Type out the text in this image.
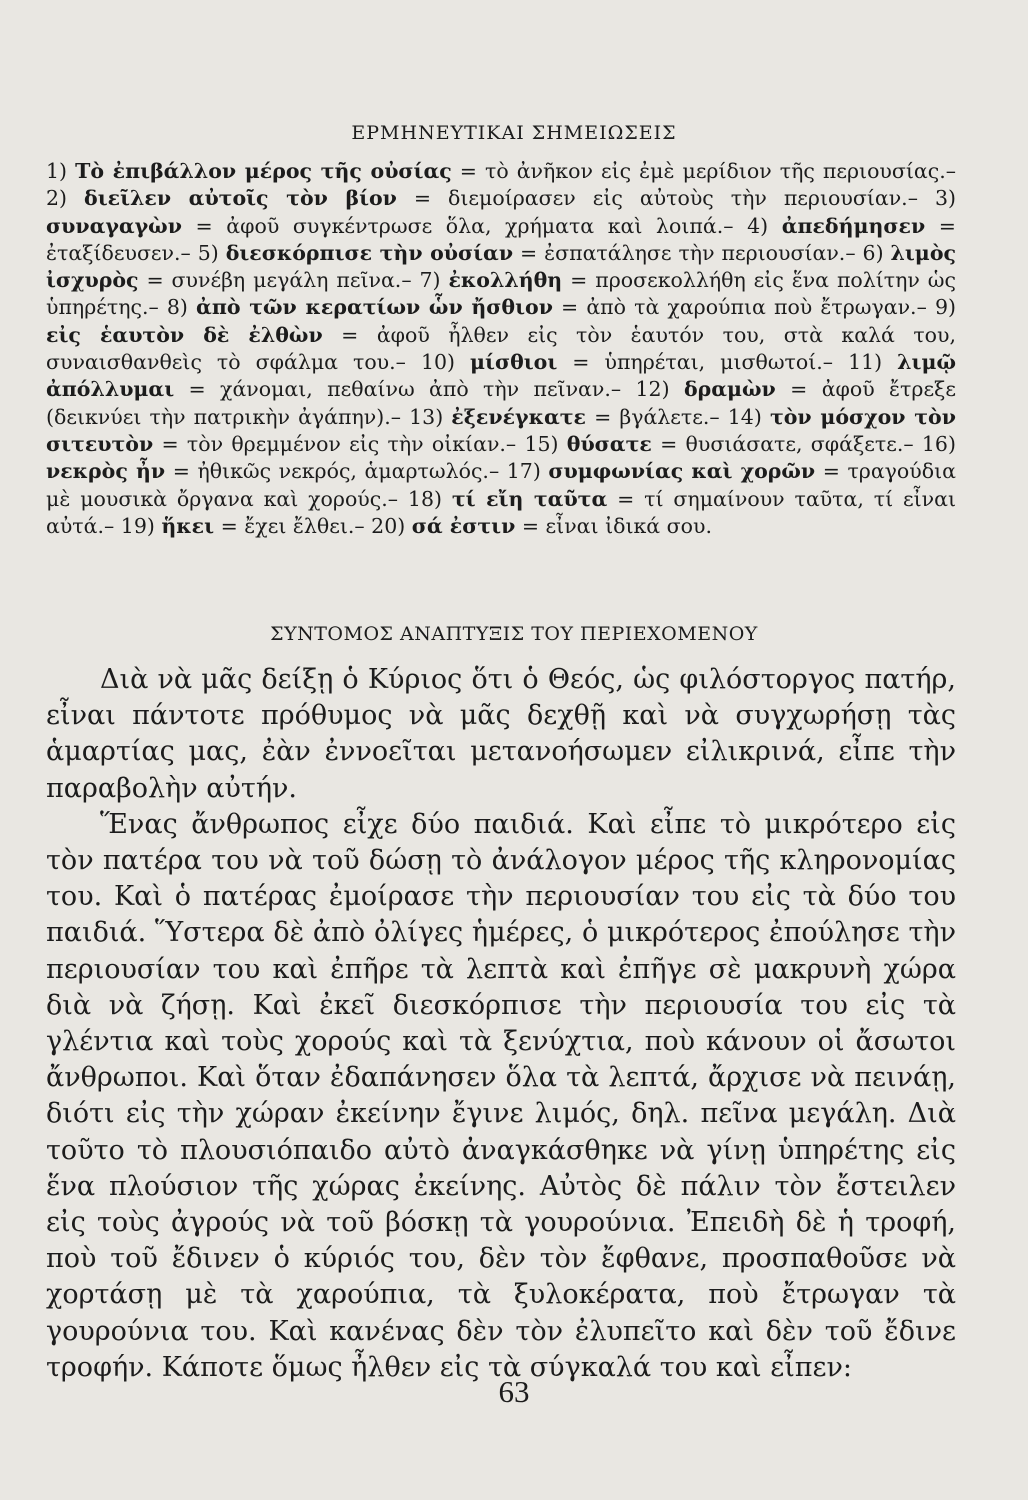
ΕΡΜΗΝΕΥΤΙΚΑΙ ΣΗΜΕΙΩΣΕΙΣ
1) Τὸ ἐπιβάλλον μέρος τῆς οὐσίας = τὸ ἀνῆκον εἰς ἐμὲ μερίδιον τῆς περιουσίας.– 2) διεῖλεν αὐτοῖς τὸν βίον = διεμοίρασεν εἰς αὐτοὺς τὴν περιουσίαν.– 3) συναγαγὼν = ἀφοῦ συγκέντρωσε ὅλα, χρήματα καὶ λοιπά.– 4) ἀπεδήμησεν = ἐταξίδευσεν.– 5) διεσκόρπισε τὴν οὐσίαν = ἐσπατάλησε τὴν περιουσίαν.– 6) λιμὸς ἰσχυρὸς = συνέβη μεγάλη πεῖνα.– 7) ἐκολλήθη = προσεκολλήθη εἰς ἕνα πολίτην ὡς ὑπηρέτης.– 8) ἀπὸ τῶν κερατίων ὧν ἤσθιον = ἀπὸ τὰ χαρούπια ποὺ ἔτρωγαν.– 9) εἰς ἑαυτὸν δὲ ἐλθὼν = ἀφοῦ ἦλθεν εἰς τὸν ἑαυτόν του, στὰ καλά του, συναισθανθεὶς τὸ σφάλμα του.– 10) μίσθιοι = ὑπηρέται, μισθωτοί.– 11) λιμῷ ἀπόλλυμαι = χάνομαι, πεθαίνω ἀπὸ τὴν πεῖναν.– 12) δραμὼν = ἀφοῦ ἔτρεξε (δεικνύει τὴν πατρικὴν ἀγάπην).– 13) ἐξενέγκατε = βγάλετε.– 14) τὸν μόσχον τὸν σιτευτὸν = τὸν θρεμμένον εἰς τὴν οἰκίαν.– 15) θύσατε = θυσιάσατε, σφάξετε.– 16) νεκρὸς ἦν = ἠθικῶς νεκρός, ἁμαρτωλός.– 17) συμφωνίας καὶ χορῶν = τραγούδια μὲ μουσικὰ ὄργανα καὶ χορούς.– 18) τί εἴη ταῦτα = τί σημαίνουν ταῦτα, τί εἶναι αὐτά.– 19) ἥκει = ἔχει ἔλθει.– 20) σά ἐστιν = εἶναι ἰδικά σου.
ΣΥΝΤΟΜΟΣ ΑΝΑΠΤΥΞΙΣ ΤΟΥ ΠΕΡΙΕΧΟΜΕΝΟΥ

Διὰ νὰ μᾶς δείξῃ ὁ Κύριος ὅτι ὁ Θεός, ὡς φιλόστοργος πατήρ, εἶναι πάντοτε πρόθυμος νὰ μᾶς δεχθῇ καὶ νὰ συγχωρήσῃ τὰς ἁμαρτίας μας, ἐὰν ἐννοεῖται μετανοήσωμεν εἰλικρινά, εἶπε τὴν παραβολὴν αὐτήν.

Ἕνας ἄνθρωπος εἶχε δύο παιδιά. Καὶ εἶπε τὸ μικρότερο εἰς τὸν πατέρα του νὰ τοῦ δώσῃ τὸ ἀνάλογον μέρος τῆς κληρονομίας του. Καὶ ὁ πατέρας ἐμοίρασε τὴν περιουσίαν του εἰς τὰ δύο του παιδιά. Ὕστερα δὲ ἀπὸ ὀλίγες ἡμέρες, ὁ μικρότερος ἐπούλησε τὴν περιουσίαν του καὶ ἐπῆρε τὰ λεπτὰ καὶ ἐπῆγε σὲ μακρυνὴ χώρα διὰ νὰ ζήσῃ. Καὶ ἐκεῖ διεσκόρπισε τὴν περιουσία του εἰς τὰ γλέντια καὶ τοὺς χορούς καὶ τὰ ξενύχτια, ποὺ κάνουν οἱ ἄσωτοι ἄνθρωποι. Καὶ ὅταν ἐδαπάνησεν ὅλα τὰ λεπτά, ἄρχισε νὰ πεινάῃ, διότι εἰς τὴν χώραν ἐκείνην ἔγινε λιμός, δηλ. πεῖνα μεγάλη. Διὰ τοῦτο τὸ πλουσιόπαιδο αὐτὸ ἀναγκάσθηκε νὰ γίνῃ ὑπηρέτης εἰς ἕνα πλούσιον τῆς χώρας ἐκείνης. Αὐτὸς δὲ πάλιν τὸν ἔστειλεν εἰς τοὺς ἀγρούς νὰ τοῦ βόσκῃ τὰ γουρούνια. Ἐπειδὴ δὲ ἡ τροφή, ποὺ τοῦ ἔδινεν ὁ κύριός του, δὲν τὸν ἔφθανε, προσπαθοῦσε νὰ χορτάσῃ μὲ τὰ χαρούπια, τὰ ξυλοκέρατα, ποὺ ἔτρωγαν τὰ γουρούνια του. Καὶ κανένας δὲν τὸν ἐλυπεῖτο καὶ δὲν τοῦ ἔδινε τροφήν. Κάποτε ὅμως ἦλθεν εἰς τὰ σύγκαλά του καὶ εἶπεν:

63
